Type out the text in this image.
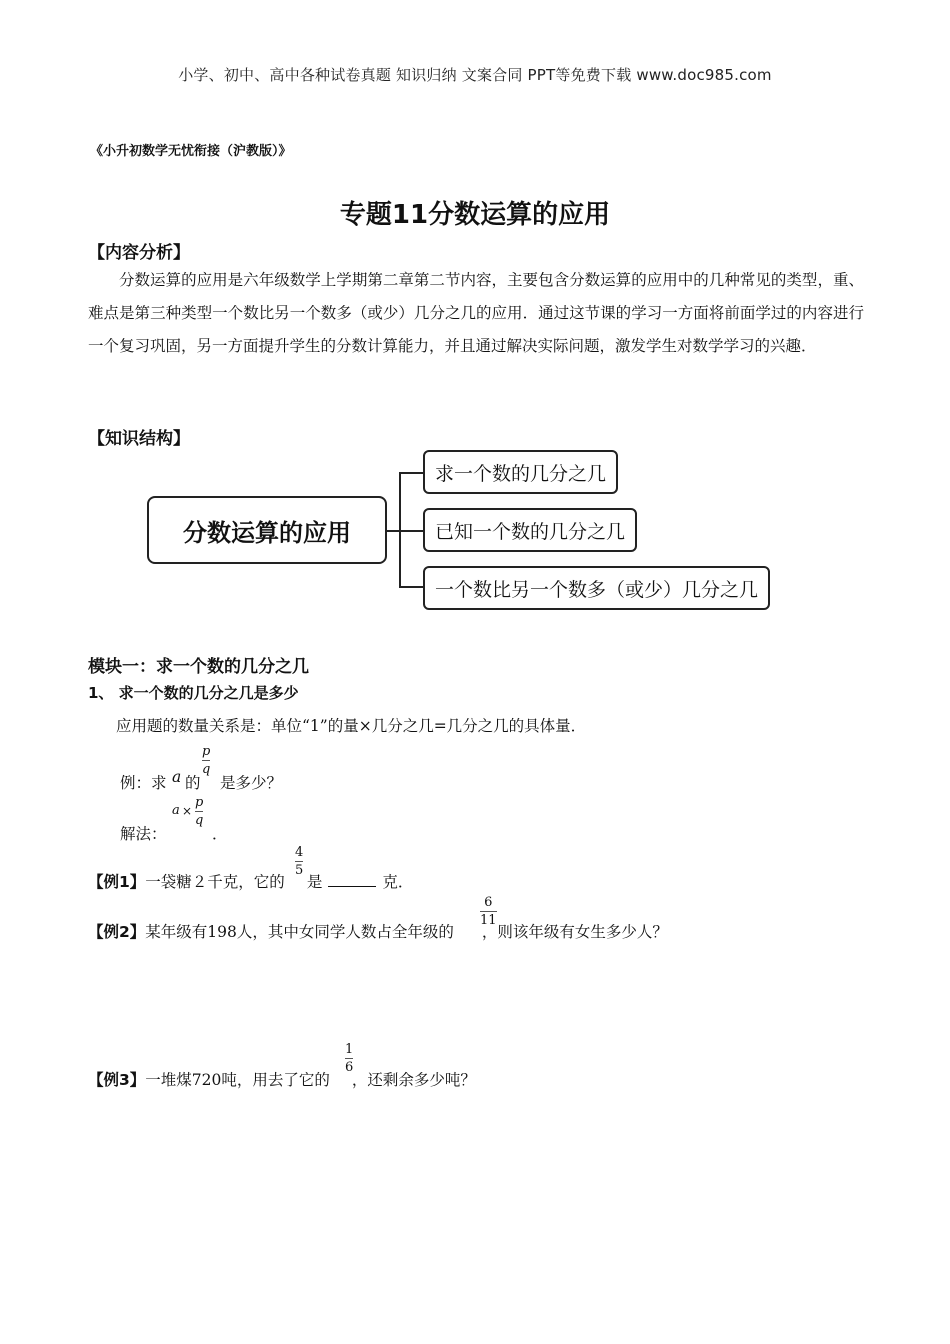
小学、初中、高中各种试卷真题 知识归纳 文案合同 PPT等免费下载 www.doc985.com
《小升初数学无忧衔接（沪教版）》
专题11分数运算的应用
【内容分析】
分数运算的应用是六年级数学上学期第二章第二节内容，主要包含分数运算的应用中的几种常见的类型，重、难点是第三种类型一个数比另一个数多（或少）几分之几的应用．通过这节课的学习一方面将前面学过的内容进行一个复习巩固，另一方面提升学生的分数计算能力，并且通过解决实际问题，激发学生对数学学习的兴趣．
【知识结构】
分数运算的应用
求一个数的几分之几
已知一个数的几分之几
一个数比另一个数多（或少）几分之几
模块一：求一个数的几分之几
1、 求一个数的几分之几是多少
应用题的数量关系是：单位“1”的量×几分之几=几分之几的具体量．
例：求 a 的
$\frac{p}{q}$
是多少？
解法：
$a \times \frac{p}{q}$
．
【例1】一袋糖２千克，它的 是	克．
$\frac{4}{5}$
【例2】某年级有198人，其中女同学人数占全年级的 ，则该年级有女生多少人？
$\frac{6}{11}$
【例3】一堆煤720吨，用去了它的 ，还剩余多少吨？
$\frac{1}{6}$
